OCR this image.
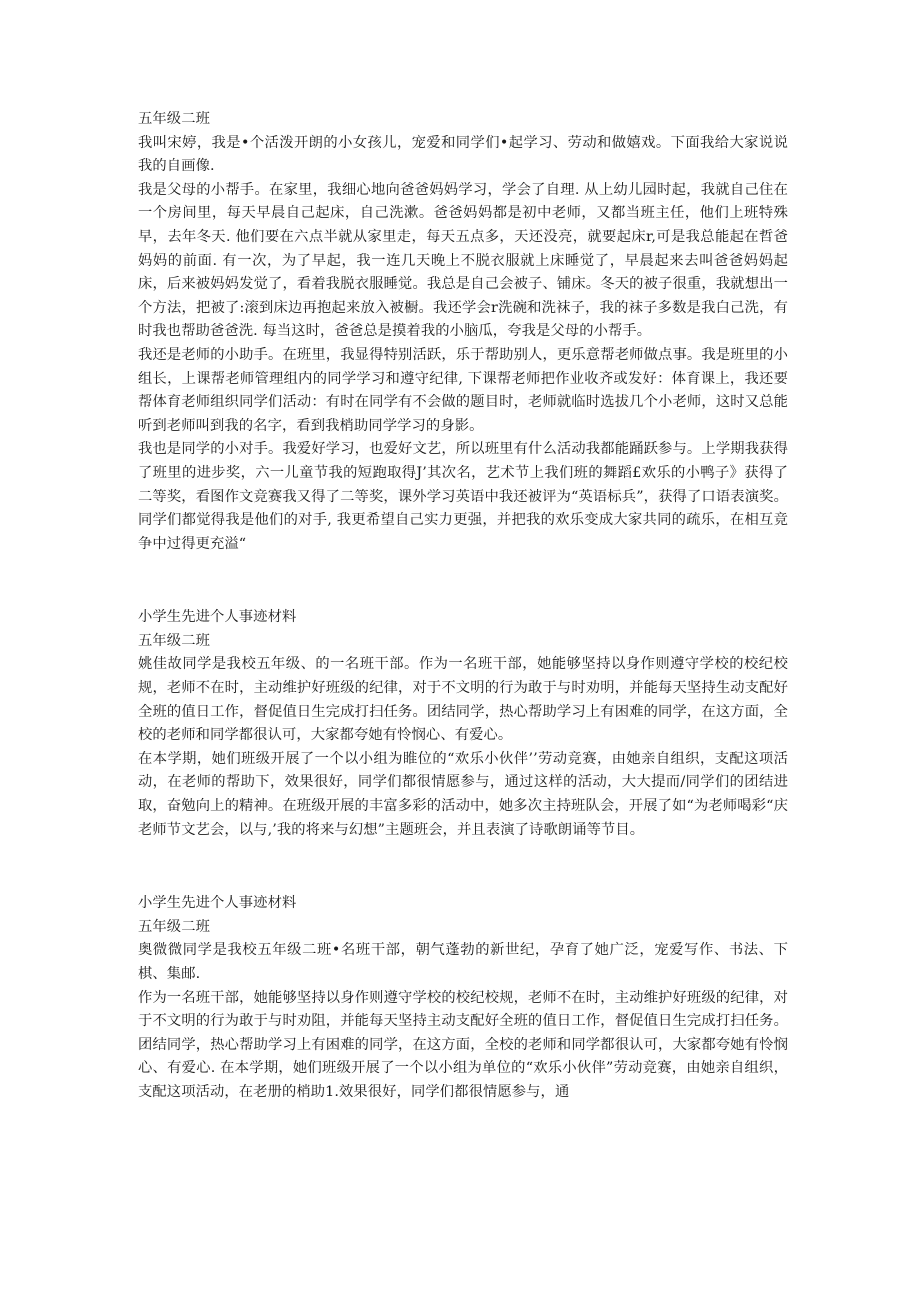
五年级二班

我叫宋婷，我是•个活泼开朗的小女孩儿，宠爱和同学们•起学习、劳动和做嬉戏。下面我给大家说说我的自画像.

我是父母的小帮手。在家里，我细心地向爸爸妈妈学习，学会了自理. 从上幼儿园时起，我就自己住在一个房间里，每天早晨自己起床，自己洗漱。爸爸妈妈都是初中老师，又都当班主任，他们上班特殊早，去年冬天. 他们要在六点半就从家里走，每天五点多，天还没亮，就要起床r,可是我总能起在哲爸妈妈的前面. 有一次，为了早起，我一连几天晚上不脱衣服就上床睡觉了，早晨起来去叫爸爸妈妈起床，后来被妈妈发觉了，看着我脱衣服睡觉。我总是自己会被子、铺床。冬天的被子很重，我就想出一个方法，把被了:滚到床边再抱起来放入被橱。我还学会r洗碗和洗袜子，我的袜子多数是我白己洗，有时我也帮助爸爸洗. 每当这时，爸爸总是摸着我的小脑瓜，夸我是父母的小帮手。

我还是老师的小助手。在班里，我显得特别活跃，乐于帮助别人，更乐意帮老师做点事。我是班里的小组长，上课帮老师管理组内的同学学习和遵守纪律, 下课帮老师把作业收齐或发好：体育课上，我还要帮体育老师组织同学们活动：有时在同学有不会做的题目时，老师就临时选拔几个小老师，这时又总能听到老师叫到我的名字，看到我梢助同学学习的身影。

我也是同学的小对手。我爱好学习，也爱好文艺，所以班里有什么活动我都能踊跃参与。上学期我获得了班里的进步奖，六一儿童节我的短跑取得J’其次名，艺术节上我们班的舞蹈£欢乐的小鸭子》获得了二等奖，看图作文竞赛我又得了二等奖，课外学习英语中我还被评为“英语标兵”，获得了口语表演奖。同学们都觉得我是他们的对手, 我更希望自己实力更强，并把我的欢乐变成大家共同的疏乐，在相互竞争中过得更充溢“

小学生先进个人事迹材料

五年级二班

姚佳故同学是我校五年级、的一名班干部。作为一名班干部，她能够坚持以身作则遵守学校的校纪校规，老师不在时，主动维护好班级的纪律，对于不文明的行为敢于与时劝明，并能每天坚持生动支配好全班的值日工作，督促值日生完成打扫任务。团结同学，热心帮助学习上有困难的同学，在这方面，全校的老师和同学都很认可，大家都夸她有怜悯心、有爱心。

在本学期，她们班级开展了一个以小组为睢位的“欢乐小伙伴’’劳动竞赛，由她亲自组织，支配这项活动，在老师的帮助下，效果很好，同学们都很情愿参与，通过这样的活动，大大提而/同学们的团结进取，奋勉向上的精神。在班级开展的丰富多彩的活动中，她多次主持班队会，开展了如“为老师喝彩“庆老师节文艺会，以与,’我的将来与幻想”主题班会，并且表演了诗歌朗诵等节目。

小学生先进个人事迹材料

五年级二班

奥微微同学是我校五年级二班•名班干部，朝气蓬勃的新世纪，孕育了她广泛，宠爱写作、书法、下棋、集邮.

作为一名班干部，她能够坚持以身作则遵守学校的校纪校规，老师不在时，主动维护好班级的纪律，对于不文明的行为敢于与时劝阻，并能每天坚持主动支配好全班的值日工作，督促值日生完成打扫任务。团结同学，热心帮助学习上有困难的同学，在这方面，全校的老师和同学都很认可，大家都夸她有怜悯心、有爱心. 在本学期，她们班级开展了一个以小组为单位的“欢乐小伙伴”劳动竞赛，由她亲自组织，支配这项活动，在老册的梢助1.效果很好，同学们都很情愿参与，通
